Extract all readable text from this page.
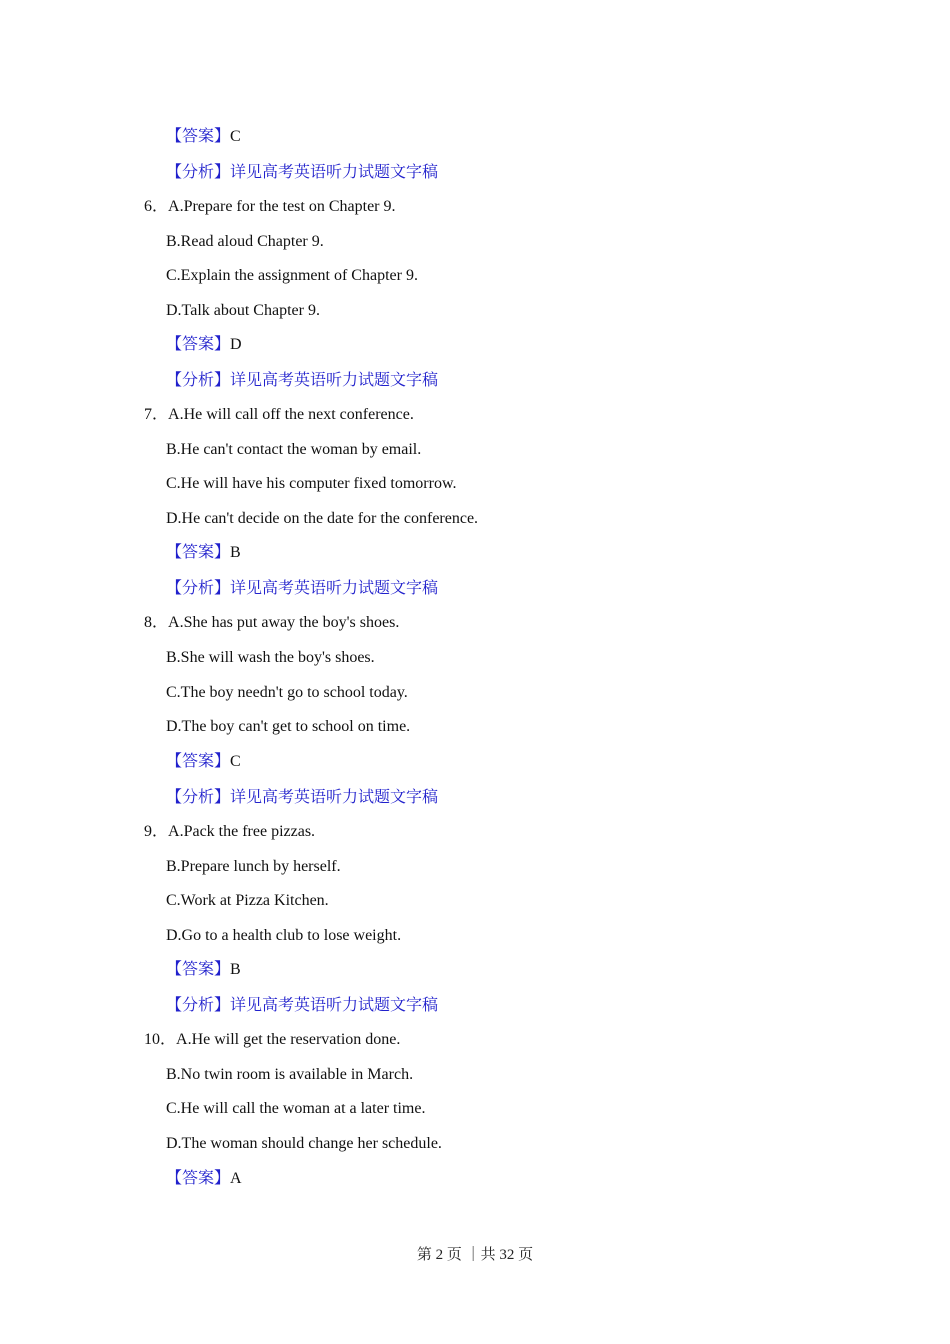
【答案】C
【分析】详见高考英语听力试题文字稿
6．A.Prepare for the test on Chapter 9.
B.Read aloud Chapter 9.
C.Explain the assignment of Chapter 9.
D.Talk about Chapter 9.
【答案】D
【分析】详见高考英语听力试题文字稿
7．A.He will call off the next conference.
B.He can't contact the woman by email.
C.He will have his computer fixed tomorrow.
D.He can't decide on the date for the conference.
【答案】B
【分析】详见高考英语听力试题文字稿
8．A.She has put away the boy's shoes.
B.She will wash the boy's shoes.
C.The boy needn't go to school today.
D.The boy can't get to school on time.
【答案】C
【分析】详见高考英语听力试题文字稿
9．A.Pack the free pizzas.
B.Prepare lunch by herself.
C.Work at Pizza Kitchen.
D.Go to a health club to lose weight.
【答案】B
【分析】详见高考英语听力试题文字稿
10．A.He will get the reservation done.
B.No twin room is available in March.
C.He will call the woman at a later time.
D.The woman should change her schedule.
【答案】A
第 2 页 ｜共 32 页
